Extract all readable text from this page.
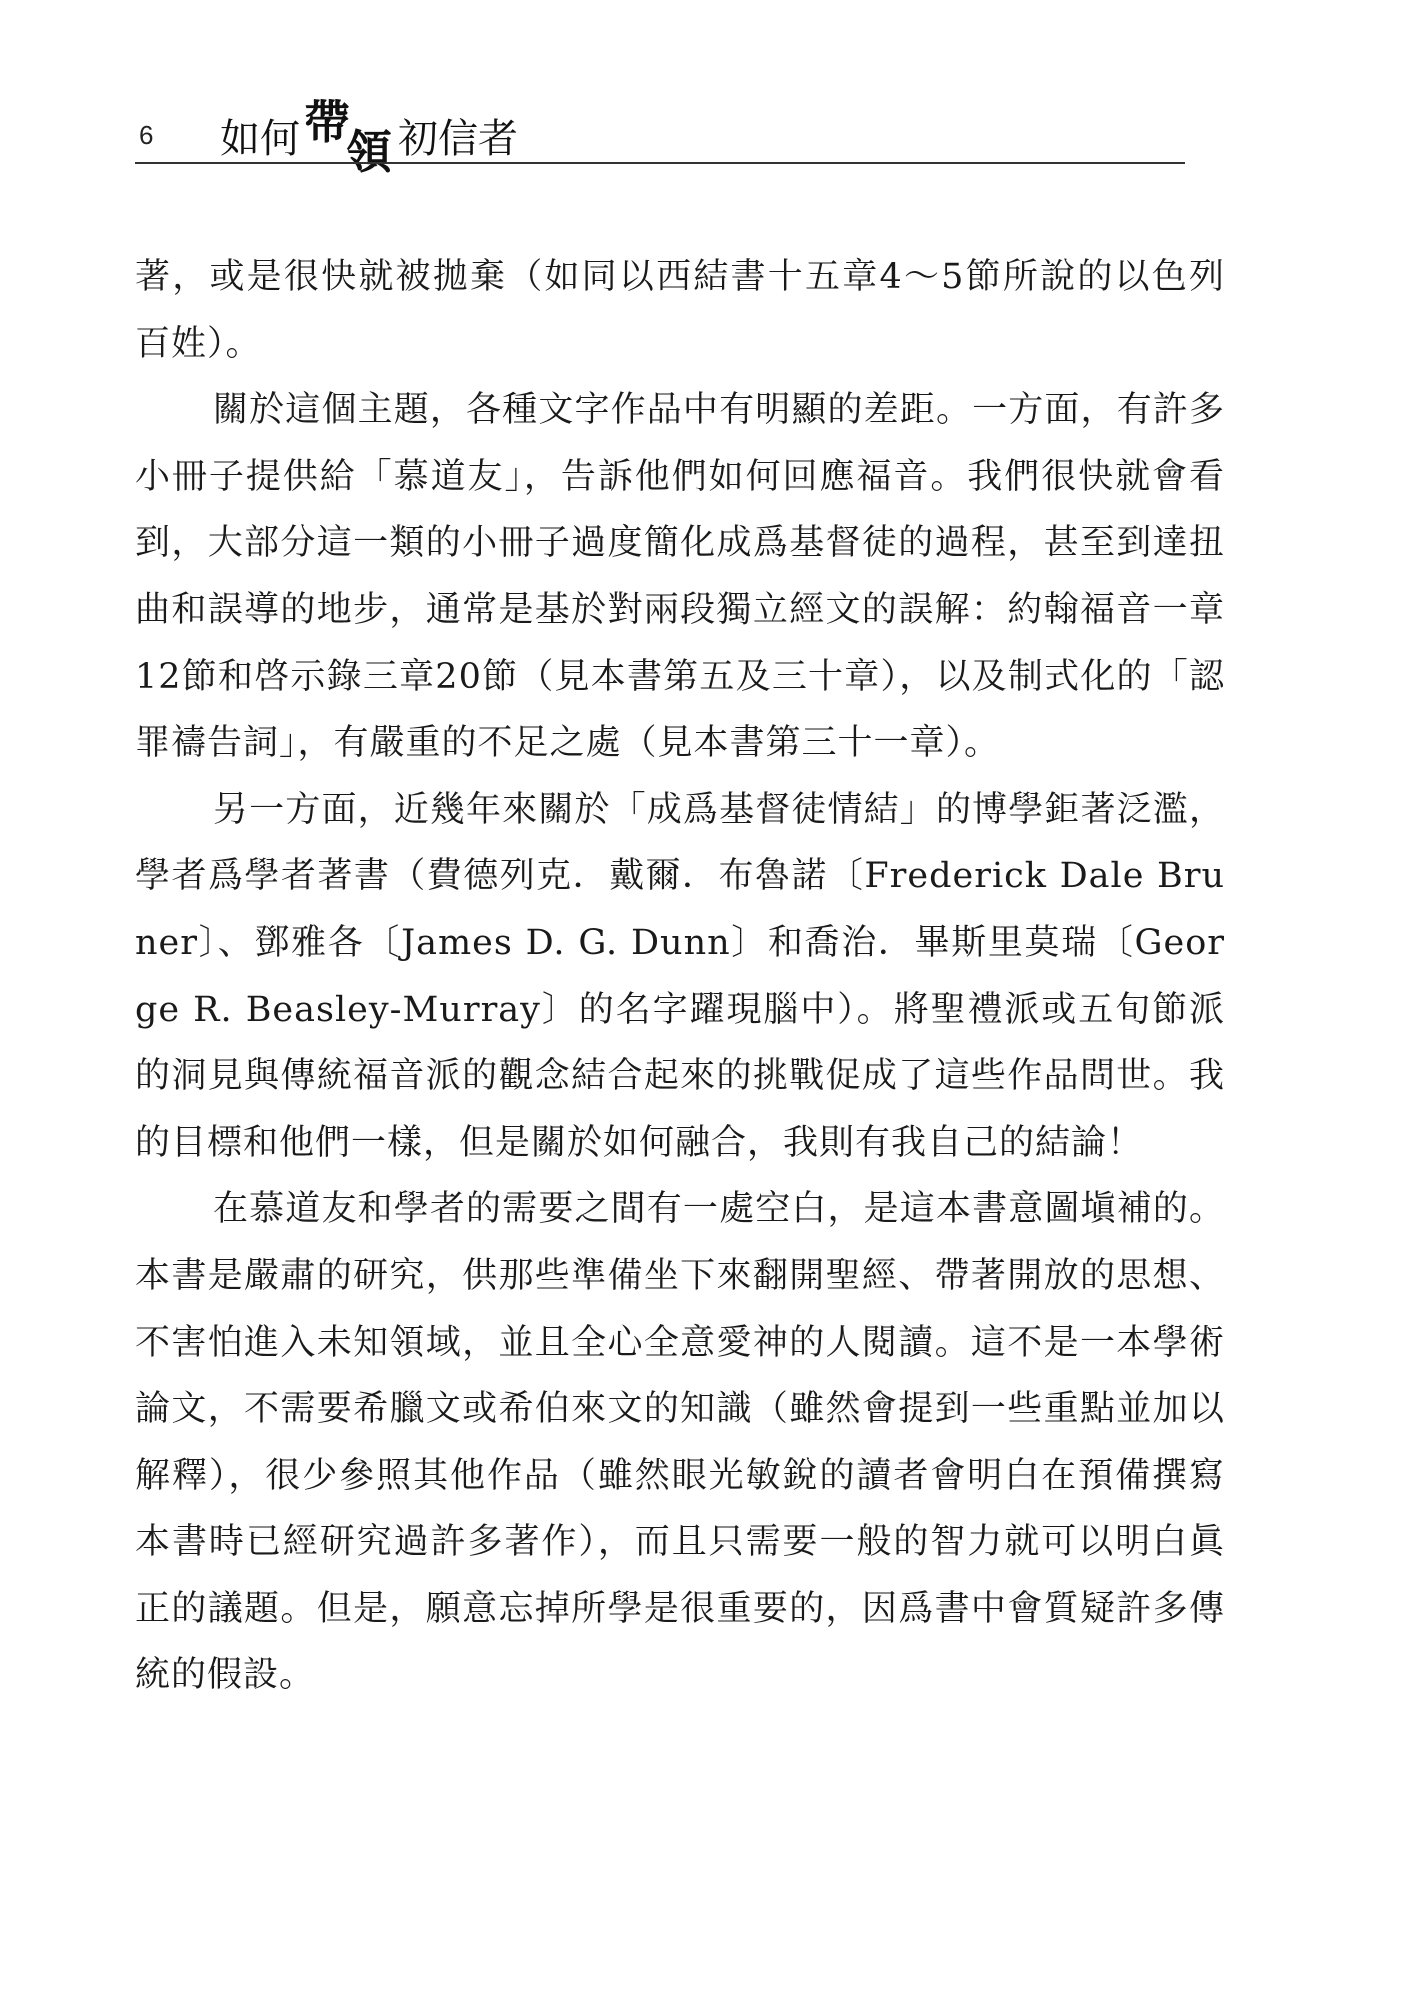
6 如何帶領 初信者

著，或是很快就被拋棄（如同以西結書十五章4～5節所說的以色列百姓）。

關於這個主題，各種文字作品中有明顯的差距。一方面，有許多小冊子提供給「慕道友」，告訴他們如何回應福音。我們很快就會看到，大部分這一類的小冊子過度簡化成爲基督徒的過程，甚至到達扭曲和誤導的地步，通常是基於對兩段獨立經文的誤解：約翰福音一章12節和啓示錄三章20節（見本書第五及三十章），以及制式化的「認罪禱告詞」，有嚴重的不足之處（見本書第三十一章）。

另一方面，近幾年來關於「成爲基督徒情結」的博學鉅著泛濫，學者爲學者著書（費德列克．戴爾．布魯諾〔Frederick Dale Bruner〕、鄧雅各〔James D. G. Dunn〕和喬治．畢斯里莫瑞〔George R. Beasley-Murray〕的名字躍現腦中）。將聖禮派或五旬節派的洞見與傳統福音派的觀念結合起來的挑戰促成了這些作品問世。我的目標和他們一樣，但是關於如何融合，我則有我自己的結論！

在慕道友和學者的需要之間有一處空白，是這本書意圖塡補的。本書是嚴肅的研究，供那些準備坐下來翻開聖經、帶著開放的思想、不害怕進入未知領域，並且全心全意愛神的人閱讀。這不是一本學術論文，不需要希臘文或希伯來文的知識（雖然會提到一些重點並加以解釋），很少參照其他作品（雖然眼光敏銳的讀者會明白在預備撰寫本書時已經研究過許多著作），而且只需要一般的智力就可以明白眞正的議題。但是，願意忘掉所學是很重要的，因爲書中會質疑許多傳統的假設。
